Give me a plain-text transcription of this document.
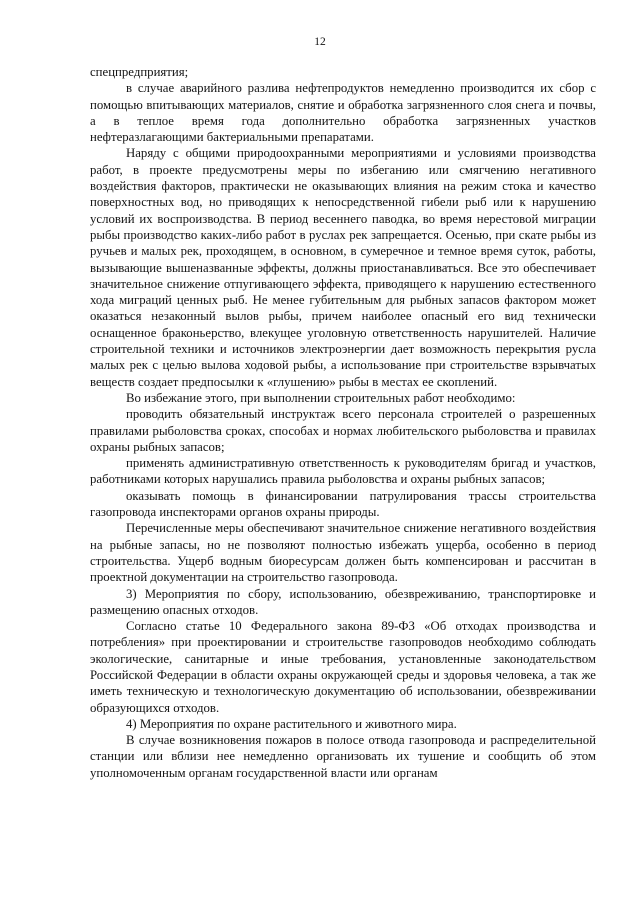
12

спецпредприятия;

в случае аварийного разлива нефтепродуктов немедленно производится их сбор с помощью впитывающих материалов, снятие и обработка загрязненного слоя снега и почвы, а в теплое время года дополнительно обработка загрязненных участков нефтеразлагающими бактериальными препаратами.

Наряду с общими природоохранными мероприятиями и условиями производства работ, в проекте предусмотрены меры по избеганию или смягчению негативного воздействия факторов, практически не оказывающих влияния на режим стока и качество поверхностных вод, но приводящих к непосредственной гибели рыб или к нарушению условий их воспроизводства. В период весеннего паводка, во время нерестовой миграции рыбы производство каких-либо работ в руслах рек запрещается. Осенью, при скате рыбы из ручьев и малых рек, проходящем, в основном, в сумеречное и темное время суток, работы, вызывающие вышеназванные эффекты, должны приостанавливаться. Все это обеспечивает значительное снижение отпугивающего эффекта, приводящего к нарушению естественного хода миграций ценных рыб. Не менее губительным для рыбных запасов фактором может оказаться незаконный вылов рыбы, причем наиболее опасный его вид технически оснащенное браконьерство, влекущее уголовную ответственность нарушителей. Наличие строительной техники и источников электроэнергии дает возможность перекрытия русла малых рек с целью вылова ходовой рыбы, а использование при строительстве взрывчатых веществ создает предпосылки к «глушению» рыбы в местах ее скоплений.

Во избежание этого, при выполнении строительных работ необходимо:

проводить обязательный инструктаж всего персонала строителей о разрешенных правилами рыболовства сроках, способах и нормах любительского рыболовства и правилах охраны рыбных запасов;

применять административную ответственность к руководителям бригад и участков, работниками которых нарушались правила рыболовства и охраны рыбных запасов;

оказывать помощь в финансировании патрулирования трассы строительства газопровода инспекторами органов охраны природы.

Перечисленные меры обеспечивают значительное снижение негативного воздействия на рыбные запасы, но не позволяют полностью избежать ущерба, особенно в период строительства. Ущерб водным биоресурсам должен быть компенсирован и рассчитан в проектной документации на строительство газопровода.

3) Мероприятия по сбору, использованию, обезвреживанию, транспортировке и размещению опасных отходов.

Согласно статье 10 Федерального закона 89-ФЗ «Об отходах производства и потребления» при проектировании и строительстве газопроводов необходимо соблюдать экологические, санитарные и иные требования, установленные законодательством Российской Федерации в области охраны окружающей среды и здоровья человека, а так же иметь техническую и технологическую документацию об использовании, обезвреживании образующихся отходов.

4) Мероприятия по охране растительного и животного мира.

В случае возникновения пожаров в полосе отвода газопровода и распределительной станции или вблизи нее немедленно организовать их тушение и сообщить об этом уполномоченным органам государственной власти или органам
